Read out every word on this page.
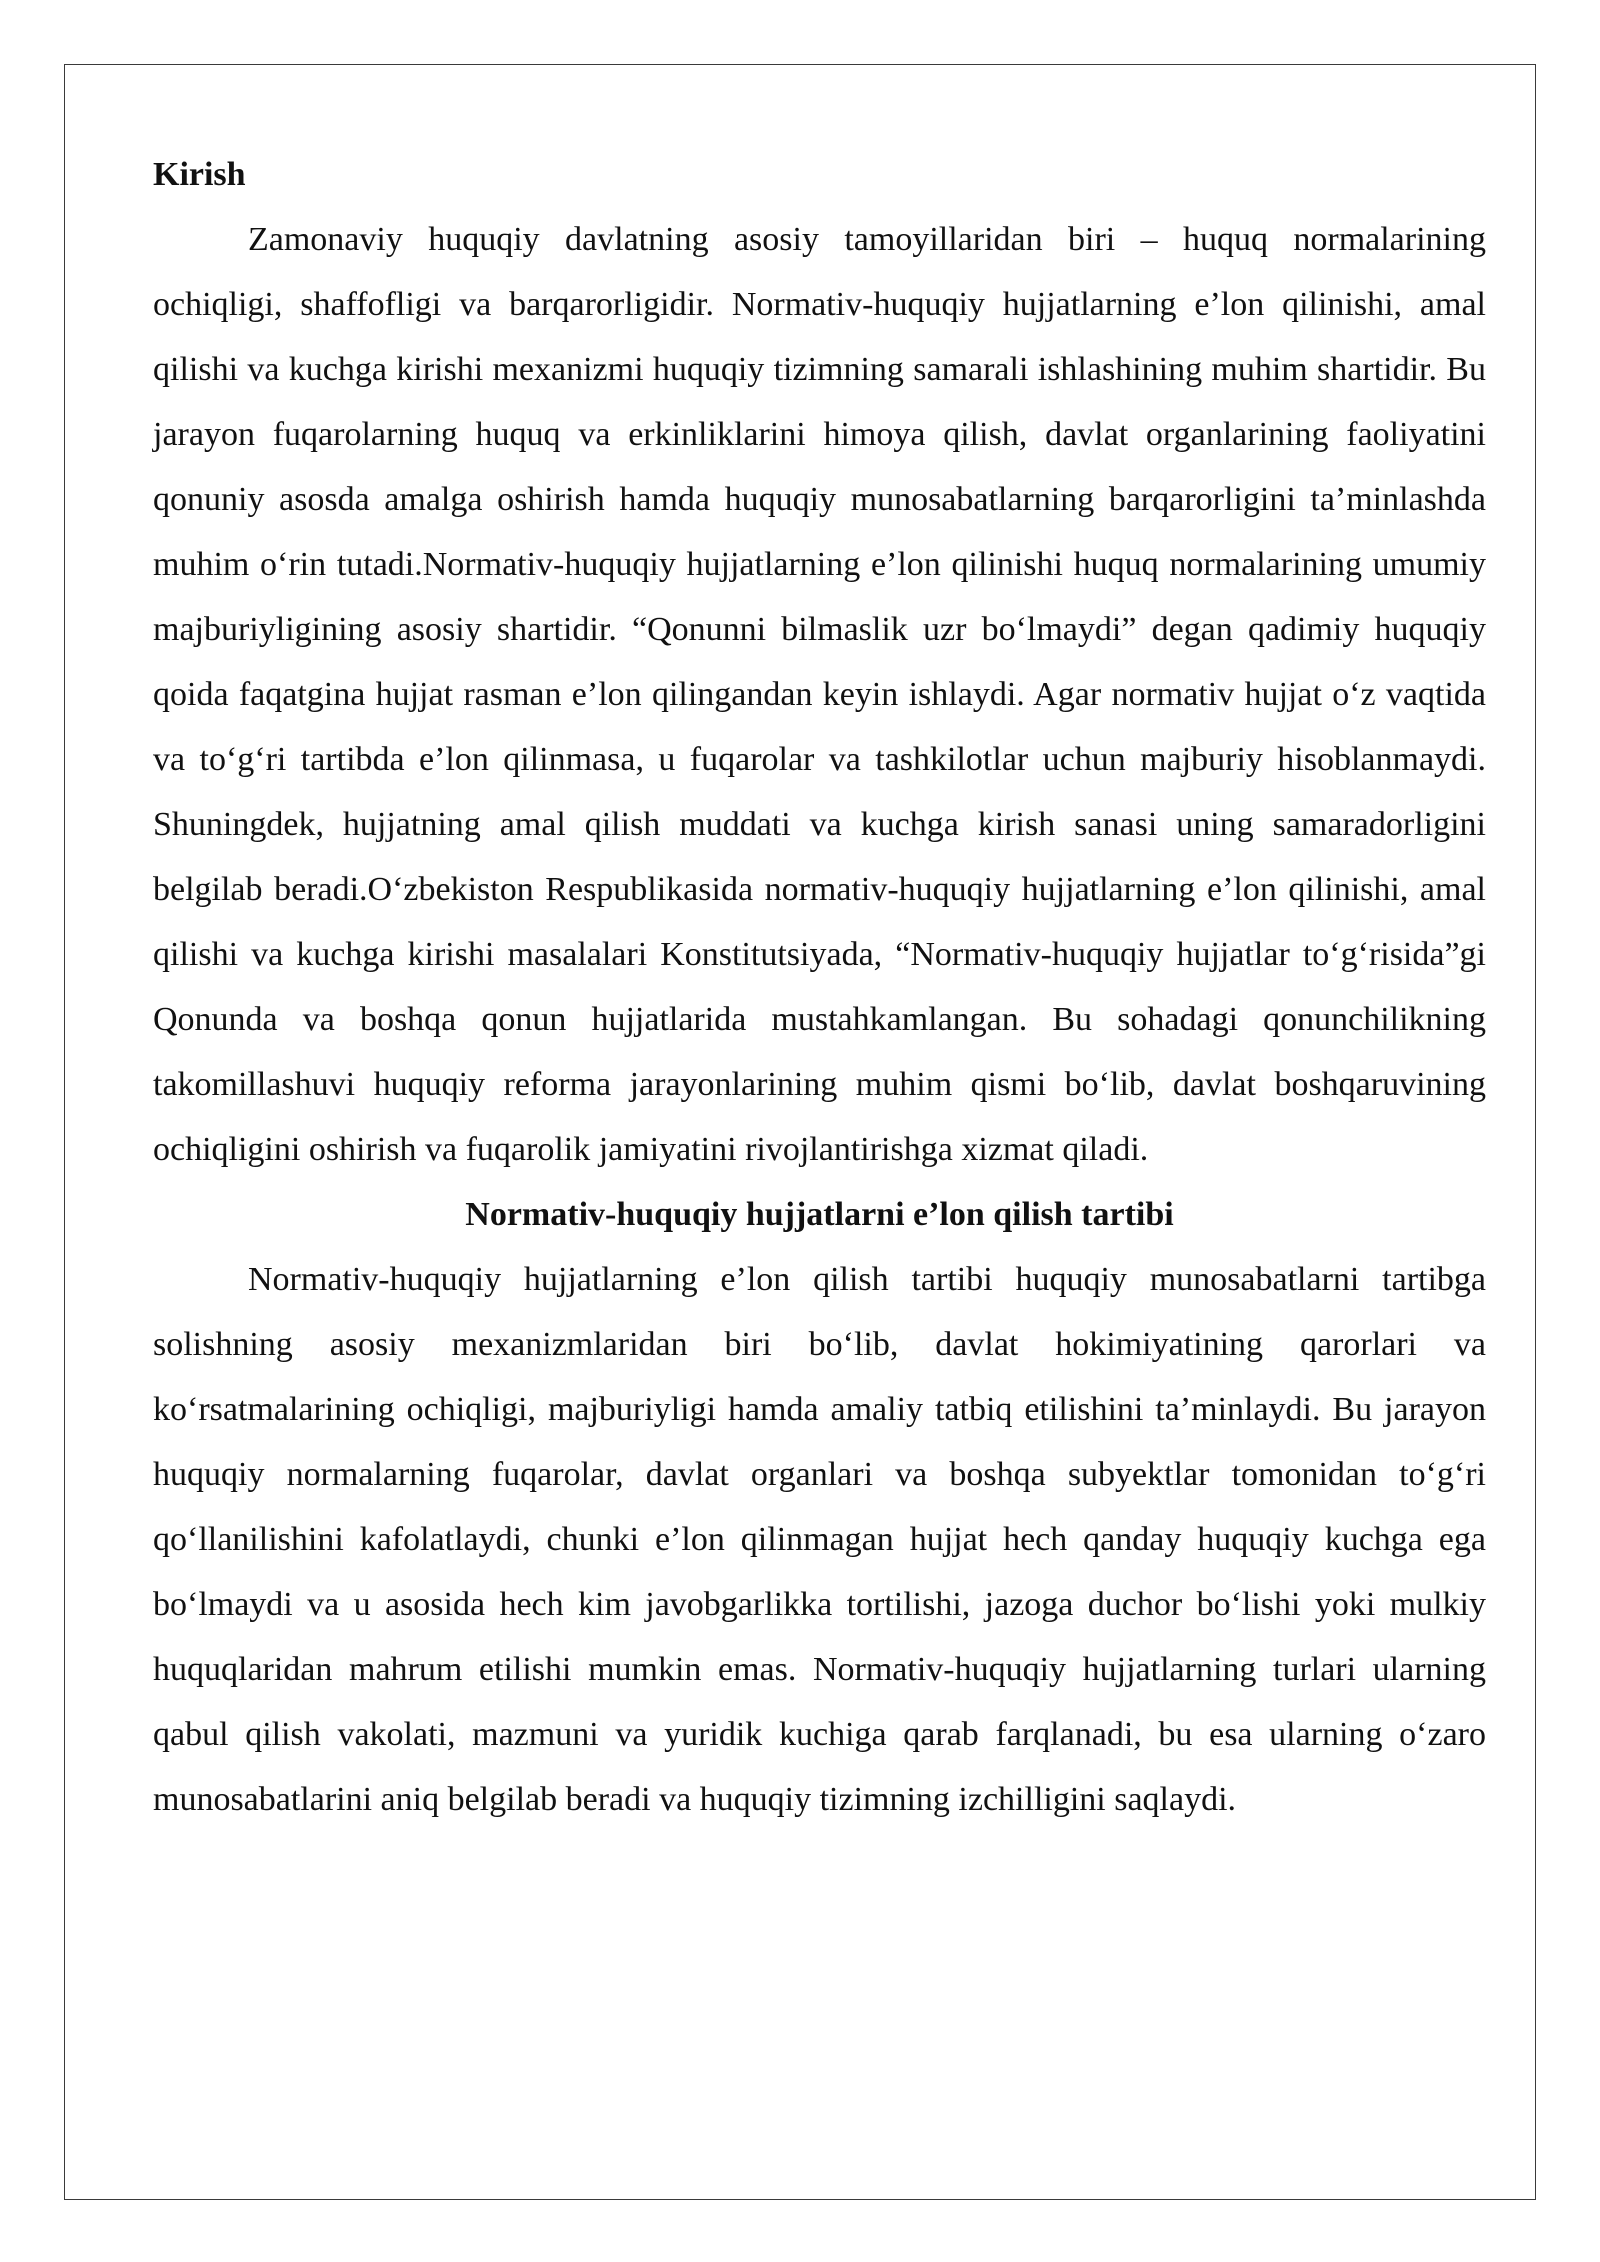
Kirish

Zamonaviy huquqiy davlatning asosiy tamoyillaridan biri – huquq normalarining ochiqligi, shaffofligi va barqarorligidir. Normativ-huquqiy hujjatlarning e’lon qilinishi, amal qilishi va kuchga kirishi mexanizmi huquqiy tizimning samarali ishlashining muhim shartidir. Bu jarayon fuqarolarning huquq va erkinliklarini himoya qilish, davlat organlarining faoliyatini qonuniy asosda amalga oshirish hamda huquqiy munosabatlarning barqarorligini ta’minlashda muhim o‘rin tutadi.Normativ-huquqiy hujjatlarning e’lon qilinishi huquq normalarining umumiy majburiyligining asosiy shartidir. “Qonunni bilmaslik uzr bo‘lmaydi” degan qadimiy huquqiy qoida faqatgina hujjat rasman e’lon qilingandan keyin ishlaydi. Agar normativ hujjat o‘z vaqtida va to‘g‘ri tartibda e’lon qilinmasa, u fuqarolar va tashkilotlar uchun majburiy hisoblanmaydi. Shuningdek, hujjatning amal qilish muddati va kuchga kirish sanasi uning samaradorligini belgilab beradi.O‘zbekiston Respublikasida normativ-huquqiy hujjatlarning e’lon qilinishi, amal qilishi va kuchga kirishi masalalari Konstitutsiyada, “Normativ-huquqiy hujjatlar to‘g‘risida”gi Qonunda va boshqa qonun hujjatlarida mustahkamlangan. Bu sohadagi qonunchilikning takomillashuvi huquqiy reforma jarayonlarining muhim qismi bo‘lib, davlat boshqaruvining ochiqligini oshirish va fuqarolik jamiyatini rivojlantirishga xizmat qiladi.

Normativ-huquqiy hujjatlarni e’lon qilish tartibi

Normativ-huquqiy hujjatlarning e’lon qilish tartibi huquqiy munosabatlarni tartibga solishning asosiy mexanizmlaridan biri bo‘lib, davlat hokimiyatining qarorlari va ko‘rsatmalarining ochiqligi, majburiyligi hamda amaliy tatbiq etilishini ta’minlaydi. Bu jarayon huquqiy normalarning fuqarolar, davlat organlari va boshqa subyektlar tomonidan to‘g‘ri qo‘llanilishini kafolatlaydi, chunki e’lon qilinmagan hujjat hech qanday huquqiy kuchga ega bo‘lmaydi va u asosida hech kim javobgarlikka tortilishi, jazoga duchor bo‘lishi yoki mulkiy huquqlaridan mahrum etilishi mumkin emas. Normativ-huquqiy hujjatlarning turlari ularning qabul qilish vakolati, mazmuni va yuridik kuchiga qarab farqlanadi, bu esa ularning o‘zaro munosabatlarini aniq belgilab beradi va huquqiy tizimning izchilligini saqlaydi.
